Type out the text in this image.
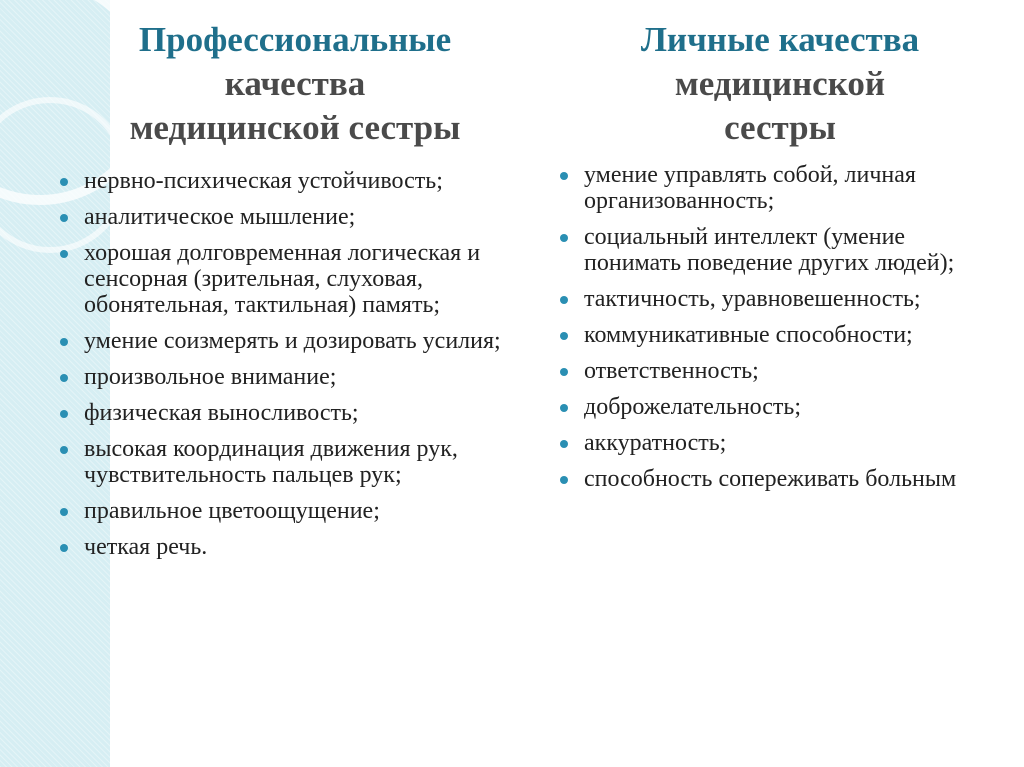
Профессиональные
качества
медицинской сестры
Личные качества
медицинской
сестры
нервно-психическая устойчивость;
аналитическое мышление;
хорошая долговременная логическая и сенсорная (зрительная, слуховая, обонятельная, тактильная) память;
умение соизмерять и дозировать усилия;
произвольное внимание;
физическая выносливость;
высокая координация движения рук, чувствительность пальцев рук;
правильное цветоощущение;
четкая речь.
умение управлять собой, личная организованность;
социальный интеллект (умение понимать поведение других людей);
тактичность, уравновешенность;
коммуникативные способности;
ответственность;
доброжелательность;
аккуратность;
способность сопереживать больным
